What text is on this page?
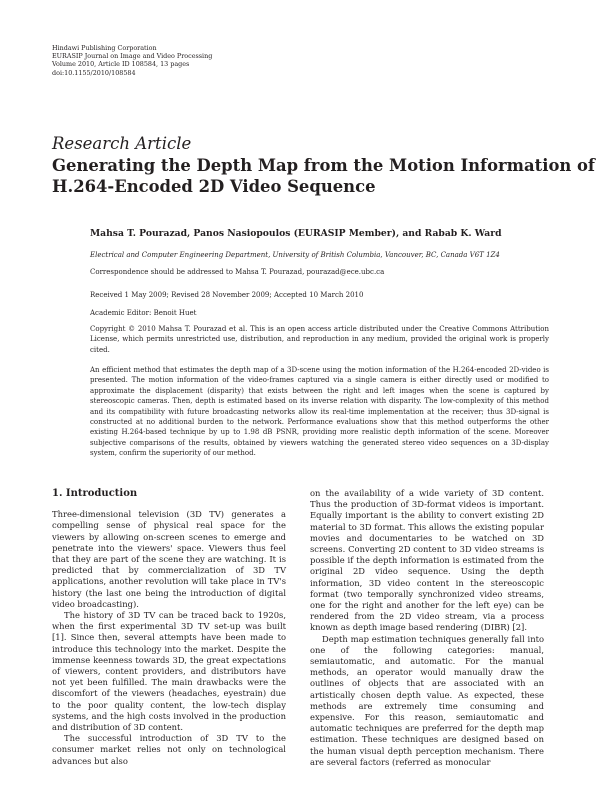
Hindawi Publishing Corporation
EURASIP Journal on Image and Video Processing
Volume 2010, Article ID 108584, 13 pages
doi:10.1155/2010/108584
Research Article
Generating the Depth Map from the Motion Information of
H.264-Encoded 2D Video Sequence
Mahsa T. Pourazad, Panos Nasiopoulos (EURASIP Member), and Rabab K. Ward
Electrical and Computer Engineering Department, University of British Columbia, Vancouver, BC, Canada V6T 1Z4
Correspondence should be addressed to Mahsa T. Pourazad, pourazad@ece.ubc.ca
Received 1 May 2009; Revised 28 November 2009; Accepted 10 March 2010
Academic Editor: Benoit Huet
Copyright © 2010 Mahsa T. Pourazad et al. This is an open access article distributed under the Creative Commons Attribution License, which permits unrestricted use, distribution, and reproduction in any medium, provided the original work is properly cited.
An efficient method that estimates the depth map of a 3D-scene using the motion information of the H.264-encoded 2D-video is presented. The motion information of the video-frames captured via a single camera is either directly used or modified to approximate the displacement (disparity) that exists between the right and left images when the scene is captured by stereoscopic cameras. Then, depth is estimated based on its inverse relation with disparity. The low-complexity of this method and its compatibility with future broadcasting networks allow its real-time implementation at the receiver; thus 3D-signal is constructed at no additional burden to the network. Performance evaluations show that this method outperforms the other existing H.264-based technique by up to 1.98 dB PSNR, providing more realistic depth information of the scene. Moreover subjective comparisons of the results, obtained by viewers watching the generated stereo video sequences on a 3D-display system, confirm the superiority of our method.
1. Introduction

Three-dimensional television (3D TV) generates a compelling sense of physical real space for the viewers by allowing on-screen scenes to emerge and penetrate into the viewers' space. Viewers thus feel that they are part of the scene they are watching. It is predicted that by commercialization of 3D TV applications, another revolution will take place in TV's history (the last one being the introduction of digital video broadcasting).

The history of 3D TV can be traced back to 1920s, when the first experimental 3D TV set-up was built [1]. Since then, several attempts have been made to introduce this technology into the market. Despite the immense keenness towards 3D, the great expectations of viewers, content providers, and distributors have not yet been fulfilled. The main drawbacks were the discomfort of the viewers (headaches, eyestrain) due to the poor quality content, the low-tech display systems, and the high costs involved in the production and distribution of 3D content.

The successful introduction of 3D TV to the consumer market relies not only on technological advances but also

on the availability of a wide variety of 3D content. Thus the production of 3D-format videos is important. Equally important is the ability to convert existing 2D material to 3D format. This allows the existing popular movies and documentaries to be watched on 3D screens. Converting 2D content to 3D video streams is possible if the depth information is estimated from the original 2D video sequence. Using the depth information, 3D video content in the stereoscopic format (two temporally synchronized video streams, one for the right and another for the left eye) can be rendered from the 2D video stream, via a process known as depth image based rendering (DIBR) [2].

Depth map estimation techniques generally fall into one of the following categories: manual, semiautomatic, and automatic. For the manual methods, an operator would manually draw the outlines of objects that are associated with an artistically chosen depth value. As expected, these methods are extremely time consuming and expensive. For this reason, semiautomatic and automatic techniques are preferred for the depth map estimation. These techniques are designed based on the human visual depth perception mechanism. There are several factors (referred as monocular
